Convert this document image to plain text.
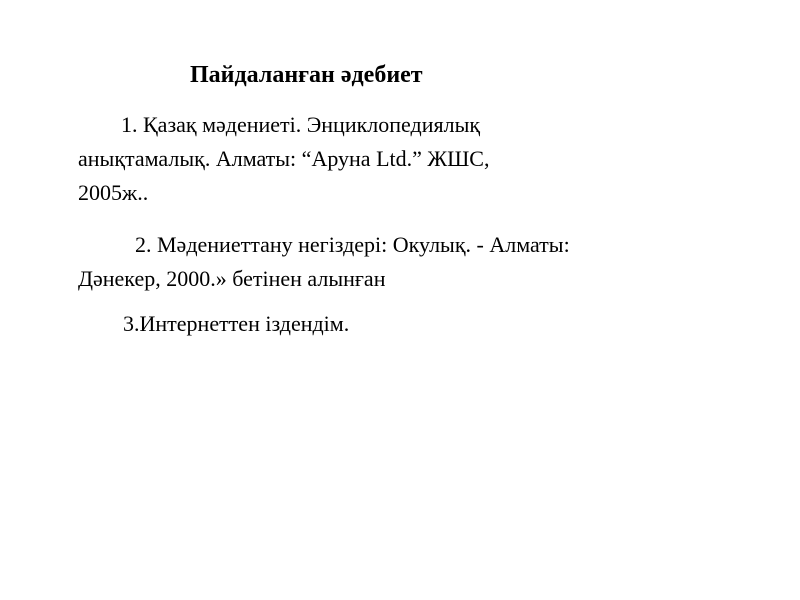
Пайдаланған әдебиет
1. Қазақ мәдениеті. Энциклопедиялық
анықтамалық. Алматы: “Аруна Ltd.” ЖШС,
2005ж..
2. Мәдениеттану негіздері: Окулық. - Алматы:
Дәнекер, 2000.» бетінен алынған
3.Интернеттен іздендім.
